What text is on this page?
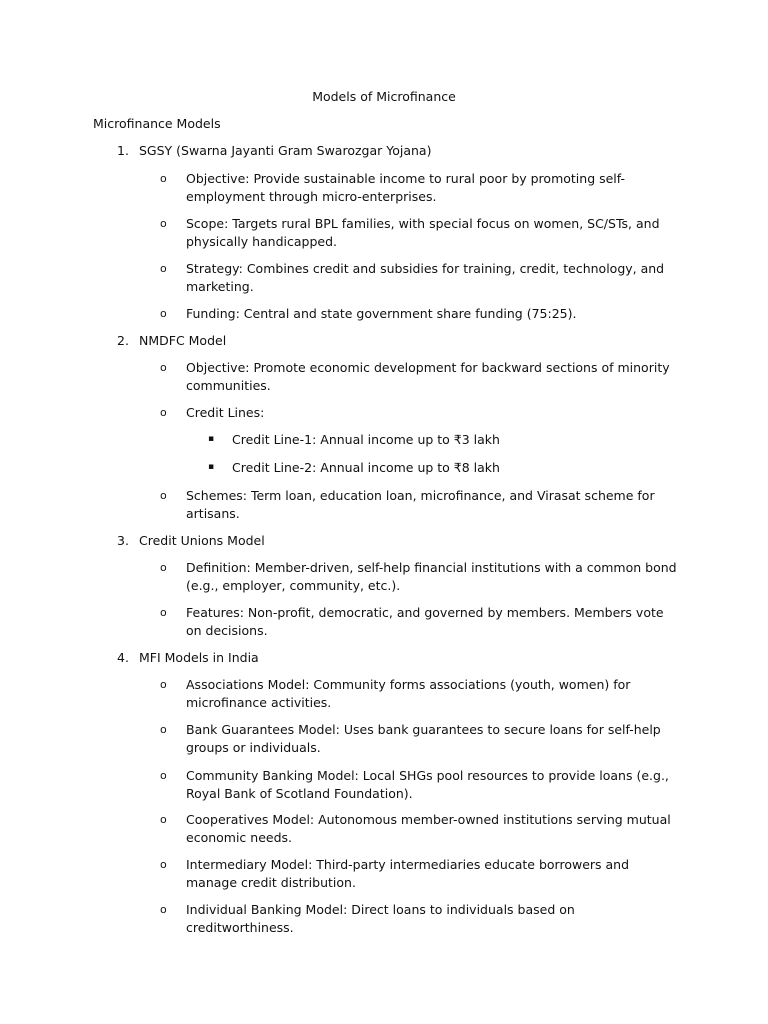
Models of Microfinance
Microfinance Models
1. SGSY (Swarna Jayanti Gram Swarozgar Yojana)
o Objective: Provide sustainable income to rural poor by promoting self-employment through micro-enterprises.
o Scope: Targets rural BPL families, with special focus on women, SC/STs, and physically handicapped.
o Strategy: Combines credit and subsidies for training, credit, technology, and marketing.
o Funding: Central and state government share funding (75:25).
2. NMDFC Model
o Objective: Promote economic development for backward sections of minority communities.
o Credit Lines:
▪ Credit Line-1: Annual income up to ₹3 lakh
▪ Credit Line-2: Annual income up to ₹8 lakh
o Schemes: Term loan, education loan, microfinance, and Virasat scheme for artisans.
3. Credit Unions Model
o Definition: Member-driven, self-help financial institutions with a common bond (e.g., employer, community, etc.).
o Features: Non-profit, democratic, and governed by members. Members vote on decisions.
4. MFI Models in India
o Associations Model: Community forms associations (youth, women) for microfinance activities.
o Bank Guarantees Model: Uses bank guarantees to secure loans for self-help groups or individuals.
o Community Banking Model: Local SHGs pool resources to provide loans (e.g., Royal Bank of Scotland Foundation).
o Cooperatives Model: Autonomous member-owned institutions serving mutual economic needs.
o Intermediary Model: Third-party intermediaries educate borrowers and manage credit distribution.
o Individual Banking Model: Direct loans to individuals based on creditworthiness.
